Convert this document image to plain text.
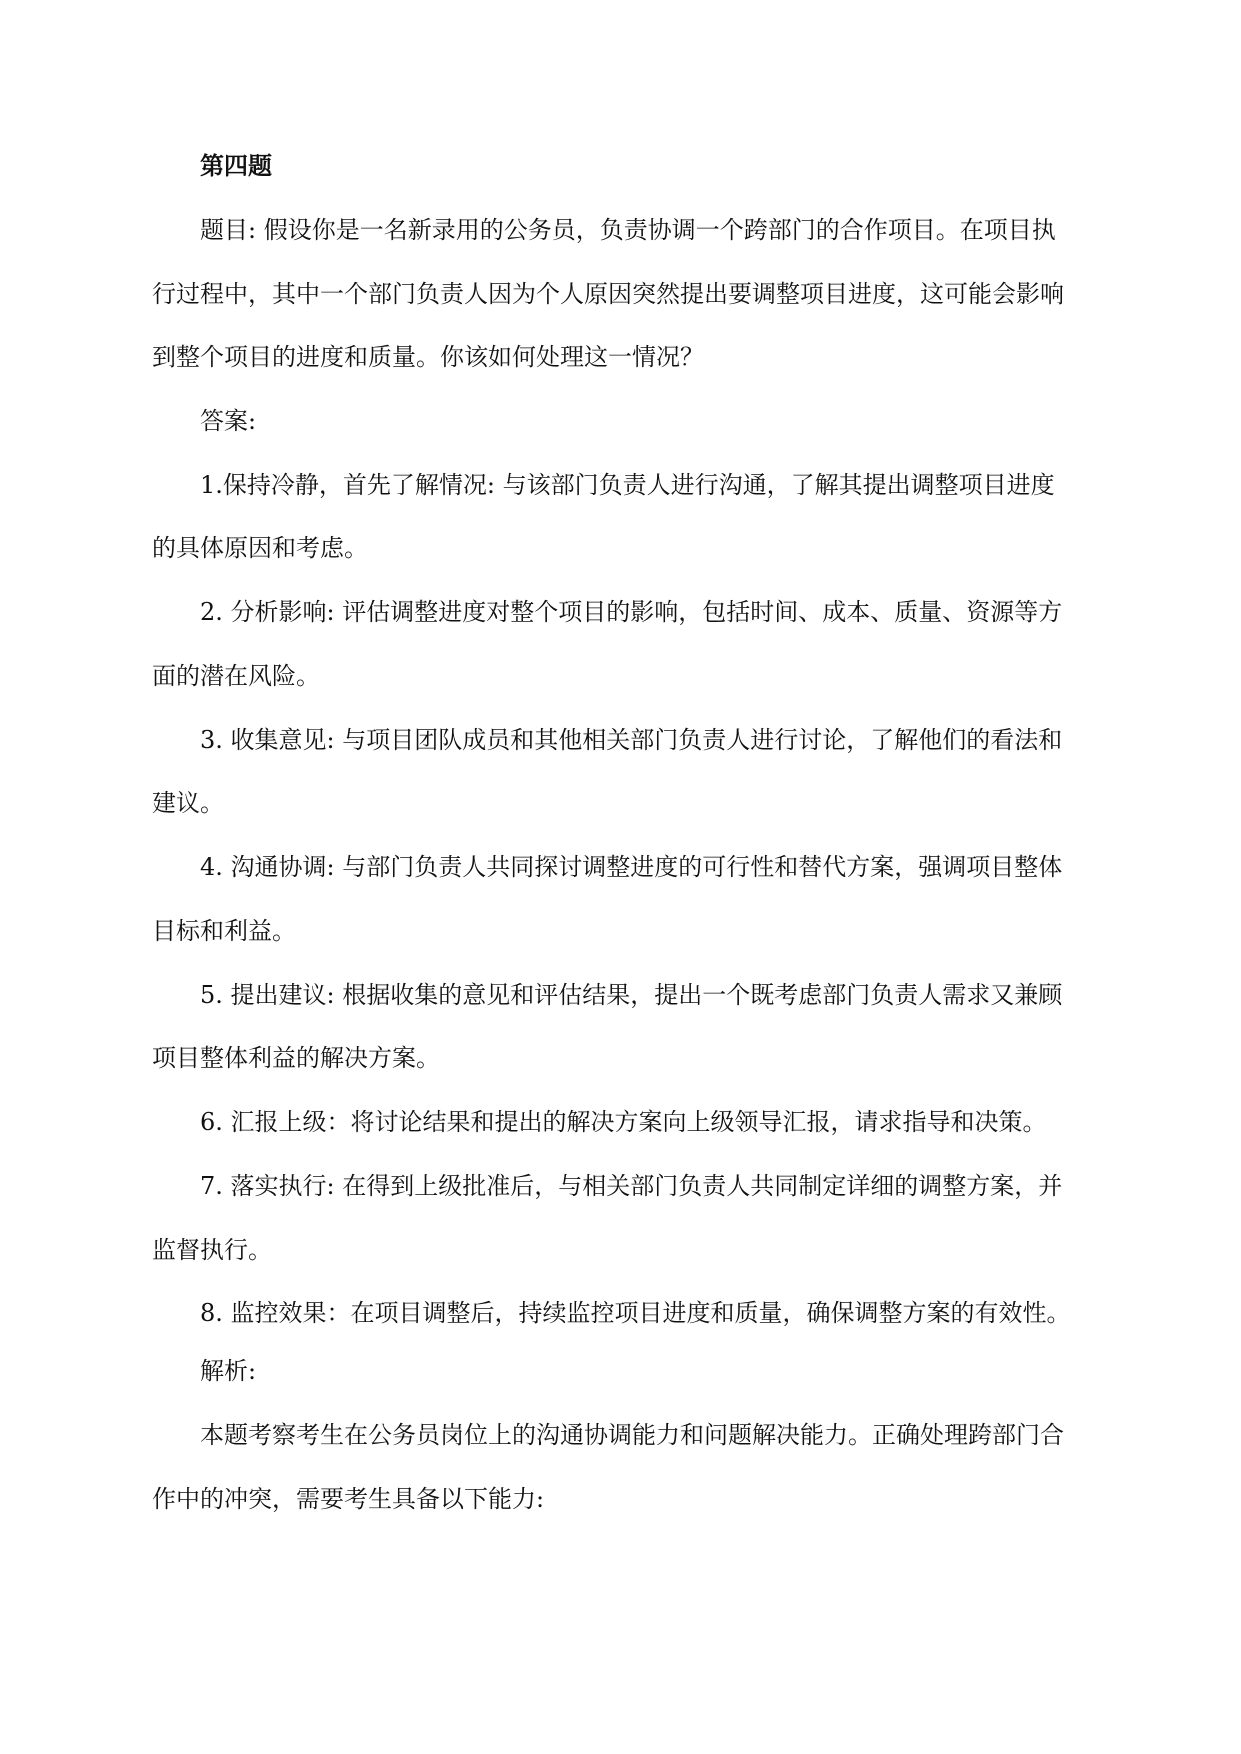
第四题
题目: 假设你是一名新录用的公务员，负责协调一个跨部门的合作项目。在项目执
行过程中，其中一个部门负责人因为个人原因突然提出要调整项目进度，这可能会影响
到整个项目的进度和质量。你该如何处理这一情况？
答案:
1.保持冷静，首先了解情况: 与该部门负责人进行沟通，了解其提出调整项目进度
的具体原因和考虑。
2. 分析影响: 评估调整进度对整个项目的影响，包括时间、成本、质量、资源等方
面的潜在风险。
3. 收集意见: 与项目团队成员和其他相关部门负责人进行讨论，了解他们的看法和
建议。
4. 沟通协调: 与部门负责人共同探讨调整进度的可行性和替代方案，强调项目整体
目标和利益。
5. 提出建议: 根据收集的意见和评估结果，提出一个既考虑部门负责人需求又兼顾
项目整体利益的解决方案。
6. 汇报上级：将讨论结果和提出的解决方案向上级领导汇报，请求指导和决策。
7. 落实执行: 在得到上级批准后，与相关部门负责人共同制定详细的调整方案，并
监督执行。
8. 监控效果：在项目调整后，持续监控项目进度和质量，确保调整方案的有效性。
解析:
本题考察考生在公务员岗位上的沟通协调能力和问题解决能力。正确处理跨部门合
作中的冲突，需要考生具备以下能力:
